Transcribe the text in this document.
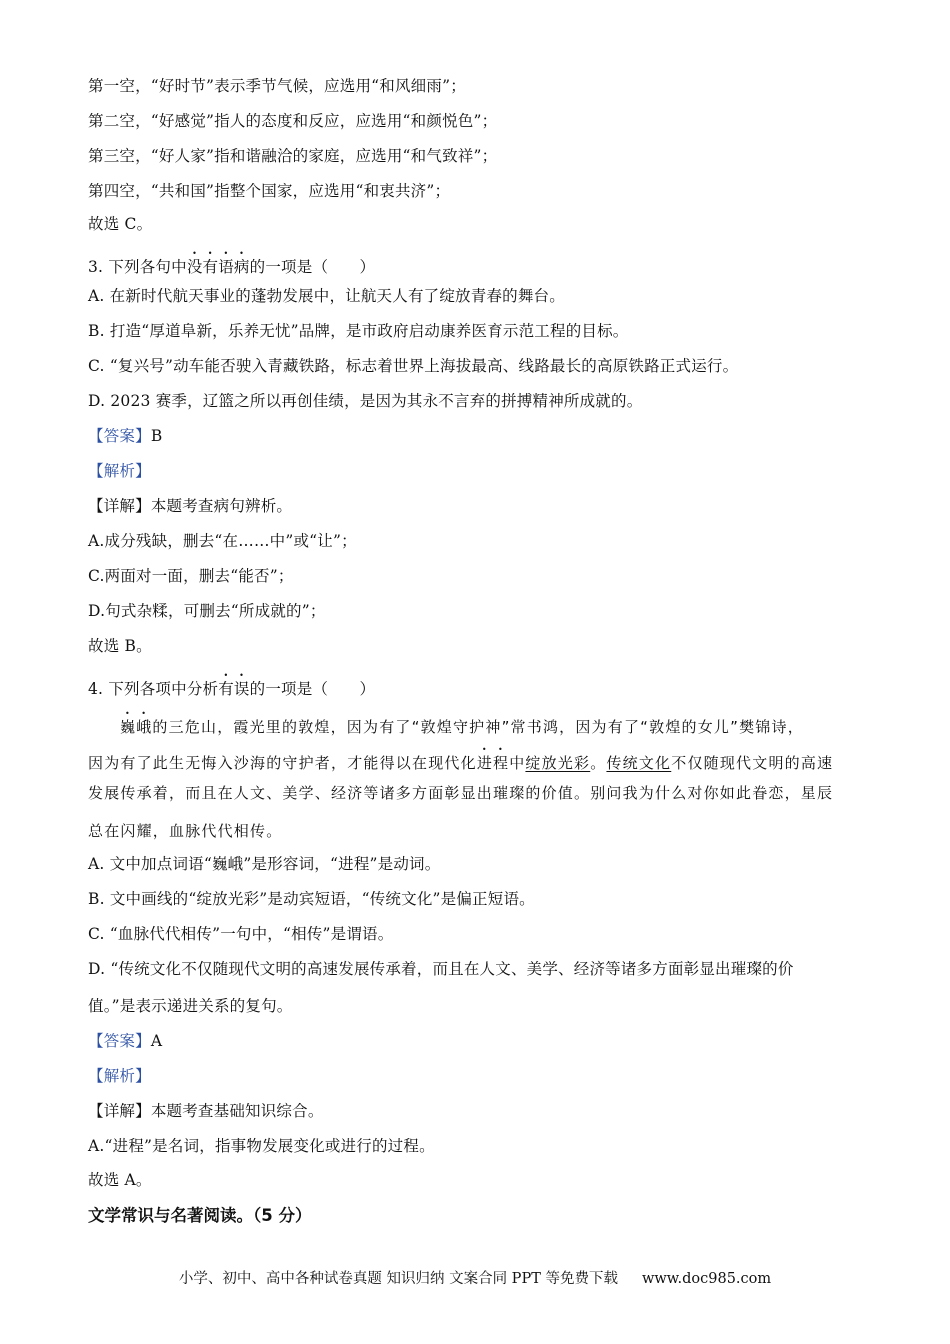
第一空，“好时节”表示季节气候，应选用“和风细雨”；
第二空，“好感觉”指人的态度和反应，应选用“和颜悦色”；
第三空，“好人家”指和谐融洽的家庭，应选用“和气致祥”；
第四空，“共和国”指整个国家，应选用“和衷共济”；
故选 C。
3. 下列各句中没有语病的一项是（　　）
A. 在新时代航天事业的蓬勃发展中，让航天人有了绽放青春的舞台。
B. 打造“厚道阜新，乐养无忧”品牌，是市政府启动康养医育示范工程的目标。
C. “复兴号”动车能否驶入青藏铁路，标志着世界上海拔最高、线路最长的高原铁路正式运行。
D. 2023 赛季，辽篮之所以再创佳绩，是因为其永不言弃的拼搏精神所成就的。
【答案】B
【解析】
【详解】本题考查病句辨析。
A.成分残缺，删去“在……中”或“让”；
C.两面对一面，删去“能否”；
D.句式杂糅，可删去“所成就的”；
故选 B。
4. 下列各项中分析有误的一项是（　　）
巍峨的三危山，霞光里的敦煌，因为有了“敦煌守护神”常书鸿，因为有了“敦煌的女儿”樊锦诗，
因为有了此生无悔入沙海的守护者，才能得以在现代化进程中绽放光彩。传统文化不仅随现代文明的高速
发展传承着，而且在人文、美学、经济等诸多方面彰显出璀璨的价值。别问我为什么对你如此眷恋，星辰
总在闪耀，血脉代代相传。
A. 文中加点词语“巍峨”是形容词，“进程”是动词。
B. 文中画线的“绽放光彩”是动宾短语，“传统文化”是偏正短语。
C. “血脉代代相传”一句中，“相传”是谓语。
D. “传统文化不仅随现代文明的高速发展传承着，而且在人文、美学、经济等诸多方面彰显出璀璨的价
值。”是表示递进关系的复句。
【答案】A
【解析】
【详解】本题考查基础知识综合。
A.“进程”是名词，指事物发展变化或进行的过程。
故选 A。
文学常识与名著阅读。（5 分）
小学、初中、高中各种试卷真题 知识归纳 文案合同 PPT 等免费下载 www.doc985.com
